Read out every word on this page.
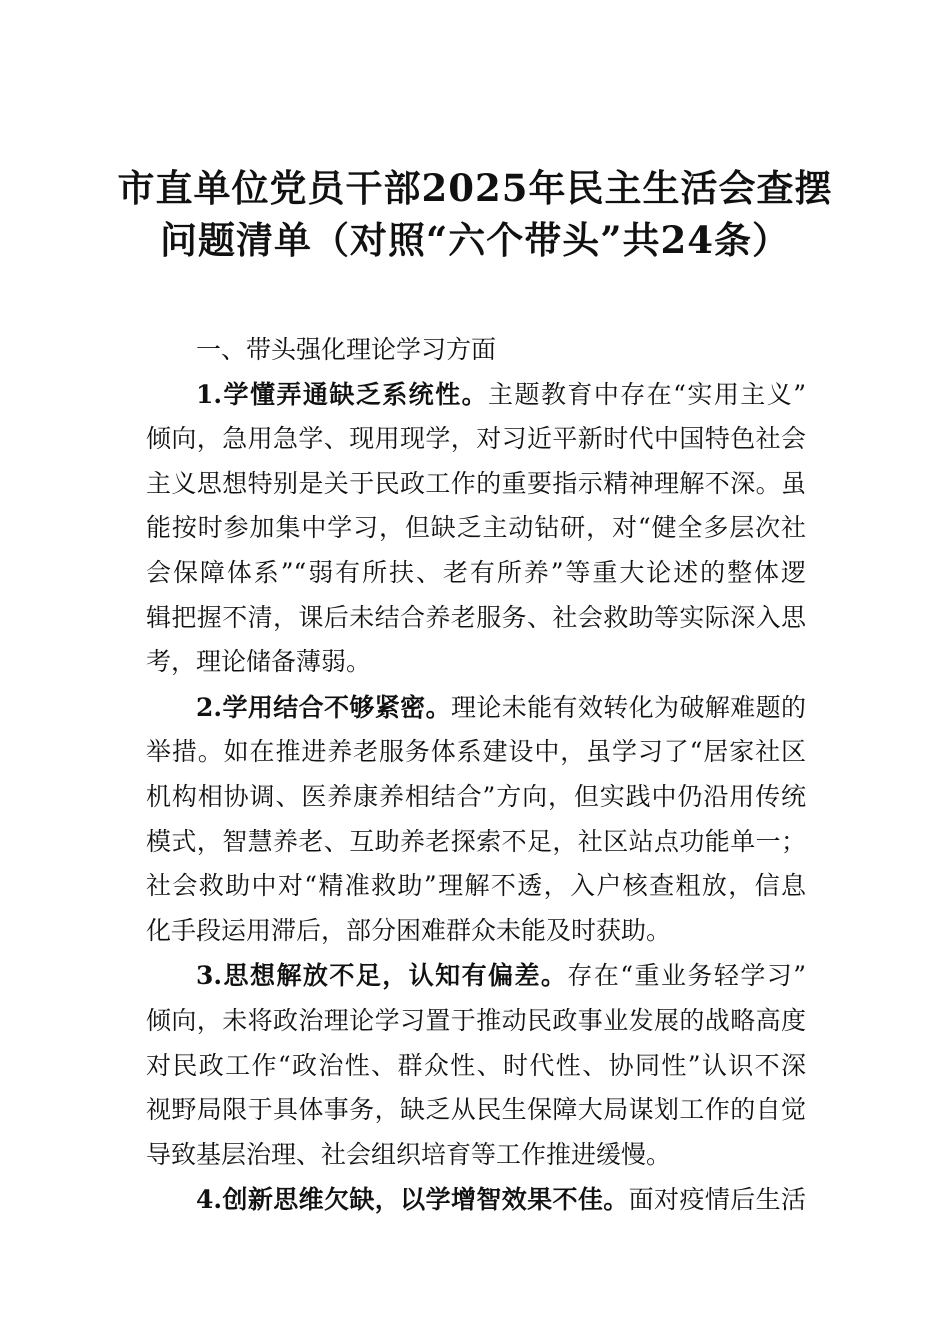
市直单位党员干部2025年民主生活会查摆
问题清单（对照“六个带头”共24条）
一、带头强化理论学习方面
1.学懂弄通缺乏系统性。主题教育中存在“实用主义”
倾向，急用急学、现用现学，对习近平新时代中国特色社会
主义思想特别是关于民政工作的重要指示精神理解不深。虽
能按时参加集中学习，但缺乏主动钻研，对“健全多层次社
会保障体系”“弱有所扶、老有所养”等重大论述的整体逻
辑把握不清，课后未结合养老服务、社会救助等实际深入思
考，理论储备薄弱。
2.学用结合不够紧密。理论未能有效转化为破解难题的
举措。如在推进养老服务体系建设中，虽学习了“居家社区
机构相协调、医养康养相结合”方向，但实践中仍沿用传统
模式，智慧养老、互助养老探索不足，社区站点功能单一；
社会救助中对“精准救助”理解不透，入户核查粗放，信息
化手段运用滞后，部分困难群众未能及时获助。
3.思想解放不足，认知有偏差。存在“重业务轻学习”
倾向，未将政治理论学习置于推动民政事业发展的战略高度
对民政工作“政治性、群众性、时代性、协同性”认识不深
视野局限于具体事务，缺乏从民生保障大局谋划工作的自觉
导致基层治理、社会组织培育等工作推进缓慢。
4.创新思维欠缺，以学增智效果不佳。面对疫情后生活
